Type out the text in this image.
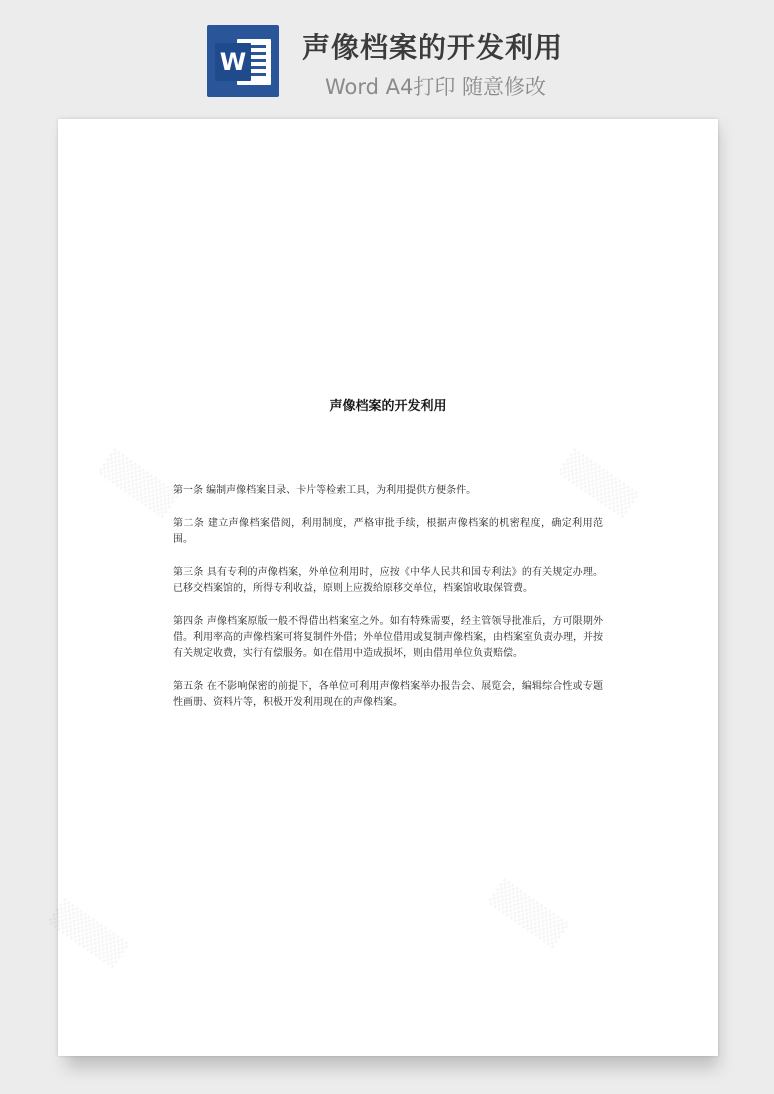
W 声像档案的开发利用
Word A4打印 随意修改
声像档案的开发利用

第一条 编制声像档案目录、卡片等检索工具，为利用提供方便条件。

第二条 建立声像档案借阅，利用制度，严格审批手续，根据声像档案的机密程度，确定利用范围。

第三条 具有专利的声像档案，外单位利用时，应按《中华人民共和国专利法》的有关规定办理。已移交档案馆的，所得专利收益，原则上应拨给原移交单位，档案馆收取保管费。

第四条 声像档案原版一般不得借出档案室之外。如有特殊需要，经主管领导批准后，方可限期外借。利用率高的声像档案可将复制件外借；外单位借用或复制声像档案，由档案室负责办理，并按有关规定收费，实行有偿服务。如在借用中造成损坏，则由借用单位负责赔偿。

第五条 在不影响保密的前提下，各单位可利用声像档案举办报告会、展览会，编辑综合性或专题性画册、资料片等，积极开发利用现在的声像档案。
